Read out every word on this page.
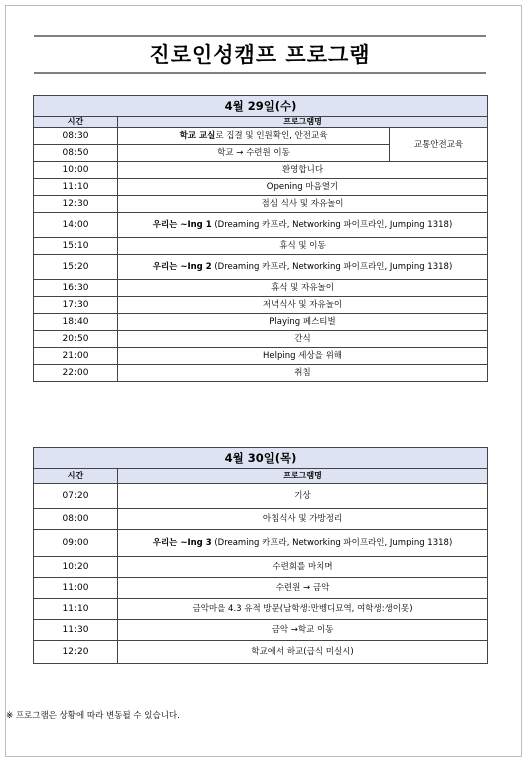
진로인성캠프 프로그램
4월 29일(수)		
시간	프로그램명	
08:30	학교 교실로 집결 및 인원확인, 안전교육	교통안전교육
08:50	학교 → 수련원 이동	
10:00	환영합니다	
11:10	Opening 마음열기	
12:30	점심 식사 및 자유놀이	
14:00	우리는 ~Ing 1 (Dreaming 카프라, Networking 파이프라인, Jumping 1318)	
15:10	휴식 및 이동	
15:20	우리는 ~Ing 2 (Dreaming 카프라, Networking 파이프라인, Jumping 1318)	
16:30	휴식 및 자유놀이	
17:30	저녁식사 및 자유놀이	
18:40	Playing 페스티벌	
20:50	간식	
21:00	Helping 세상을 위해	
22:00	취침	
4월 30일(목)	
시간	프로그램명
07:20	기상
08:00	아침식사 및 가방정리
09:00	우리는 ~Ing 3 (Dreaming 카프라, Networking 파이프라인, Jumping 1318)
10:20	수련회를 마치며
11:00	수련원 → 금악
11:10	금악마을 4.3 유적 방문(남학생:만벵디묘역, 여학생:생이못)
11:30	금악 →학교 이동
12:20	학교에서 하교(급식 미실시)
※ 프로그램은 상황에 따라 변동될 수 있습니다.
